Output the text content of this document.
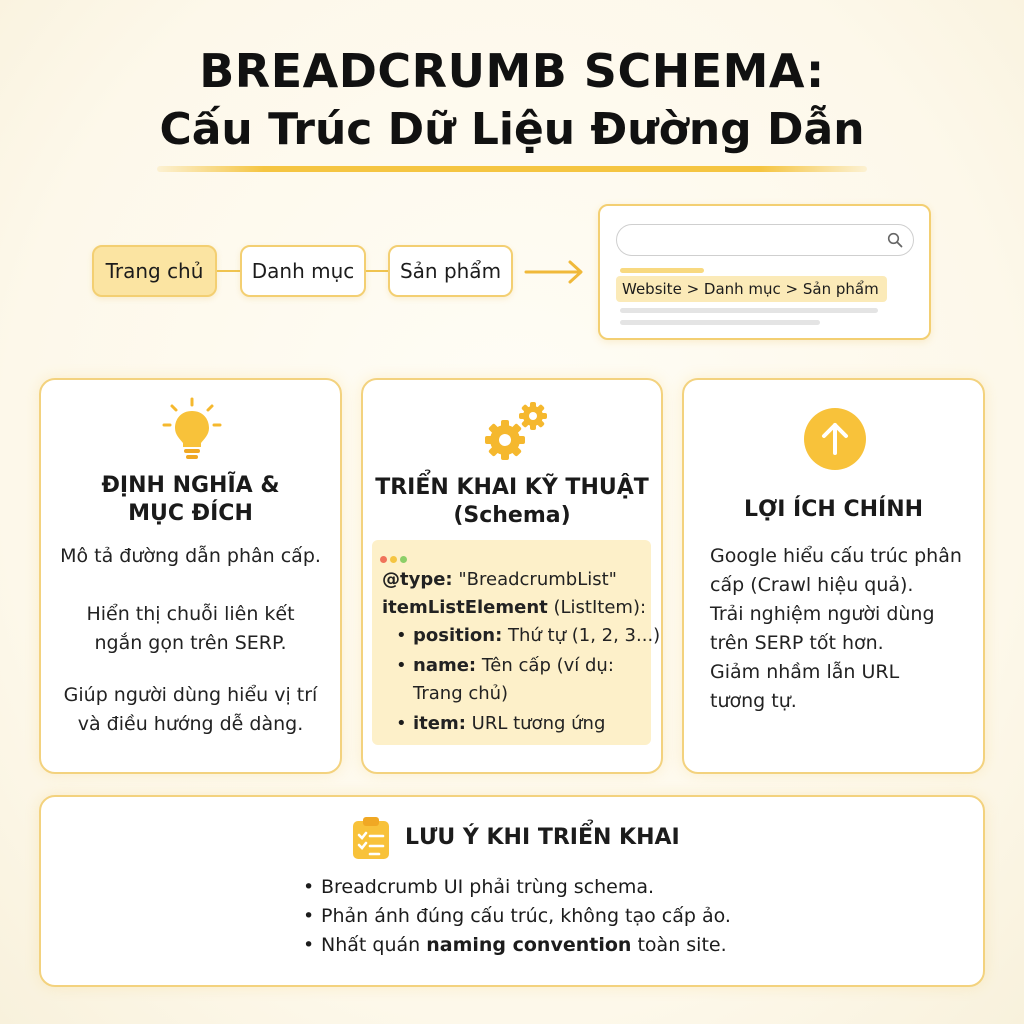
BREADCRUMB SCHEMA:
Cấu Trúc Dữ Liệu Đường Dẫn
Trang chủ	Danh mục	Sản phẩm
Website > Danh mục > Sản phẩm
ĐỊNH NGHĨA &
MỤC ĐÍCH
Mô tả đường dẫn phân cấp.
Hiển thị chuỗi liên kết
ngắn gọn trên SERP.
Giúp người dùng hiểu vị trí
và điều hướng dễ dàng.
TRIỂN KHAI KỸ THUẬT
(Schema)
@type: "BreadcrumbList"
itemListElement (ListItem):
• position: Thứ tự (1, 2, 3...)
• name: Tên cấp (ví dụ:
Trang chủ)
• item: URL tương ứng
LỢI ÍCH CHÍNH
Google hiểu cấu trúc phân
cấp (Crawl hiệu quả).
Trải nghiệm người dùng
trên SERP tốt hơn.
Giảm nhầm lẫn URL
tương tự.
LƯU Ý KHI TRIỂN KHAI
• Breadcrumb UI phải trùng schema.
• Phản ánh đúng cấu trúc, không tạo cấp ảo.
• Nhất quán naming convention toàn site.
